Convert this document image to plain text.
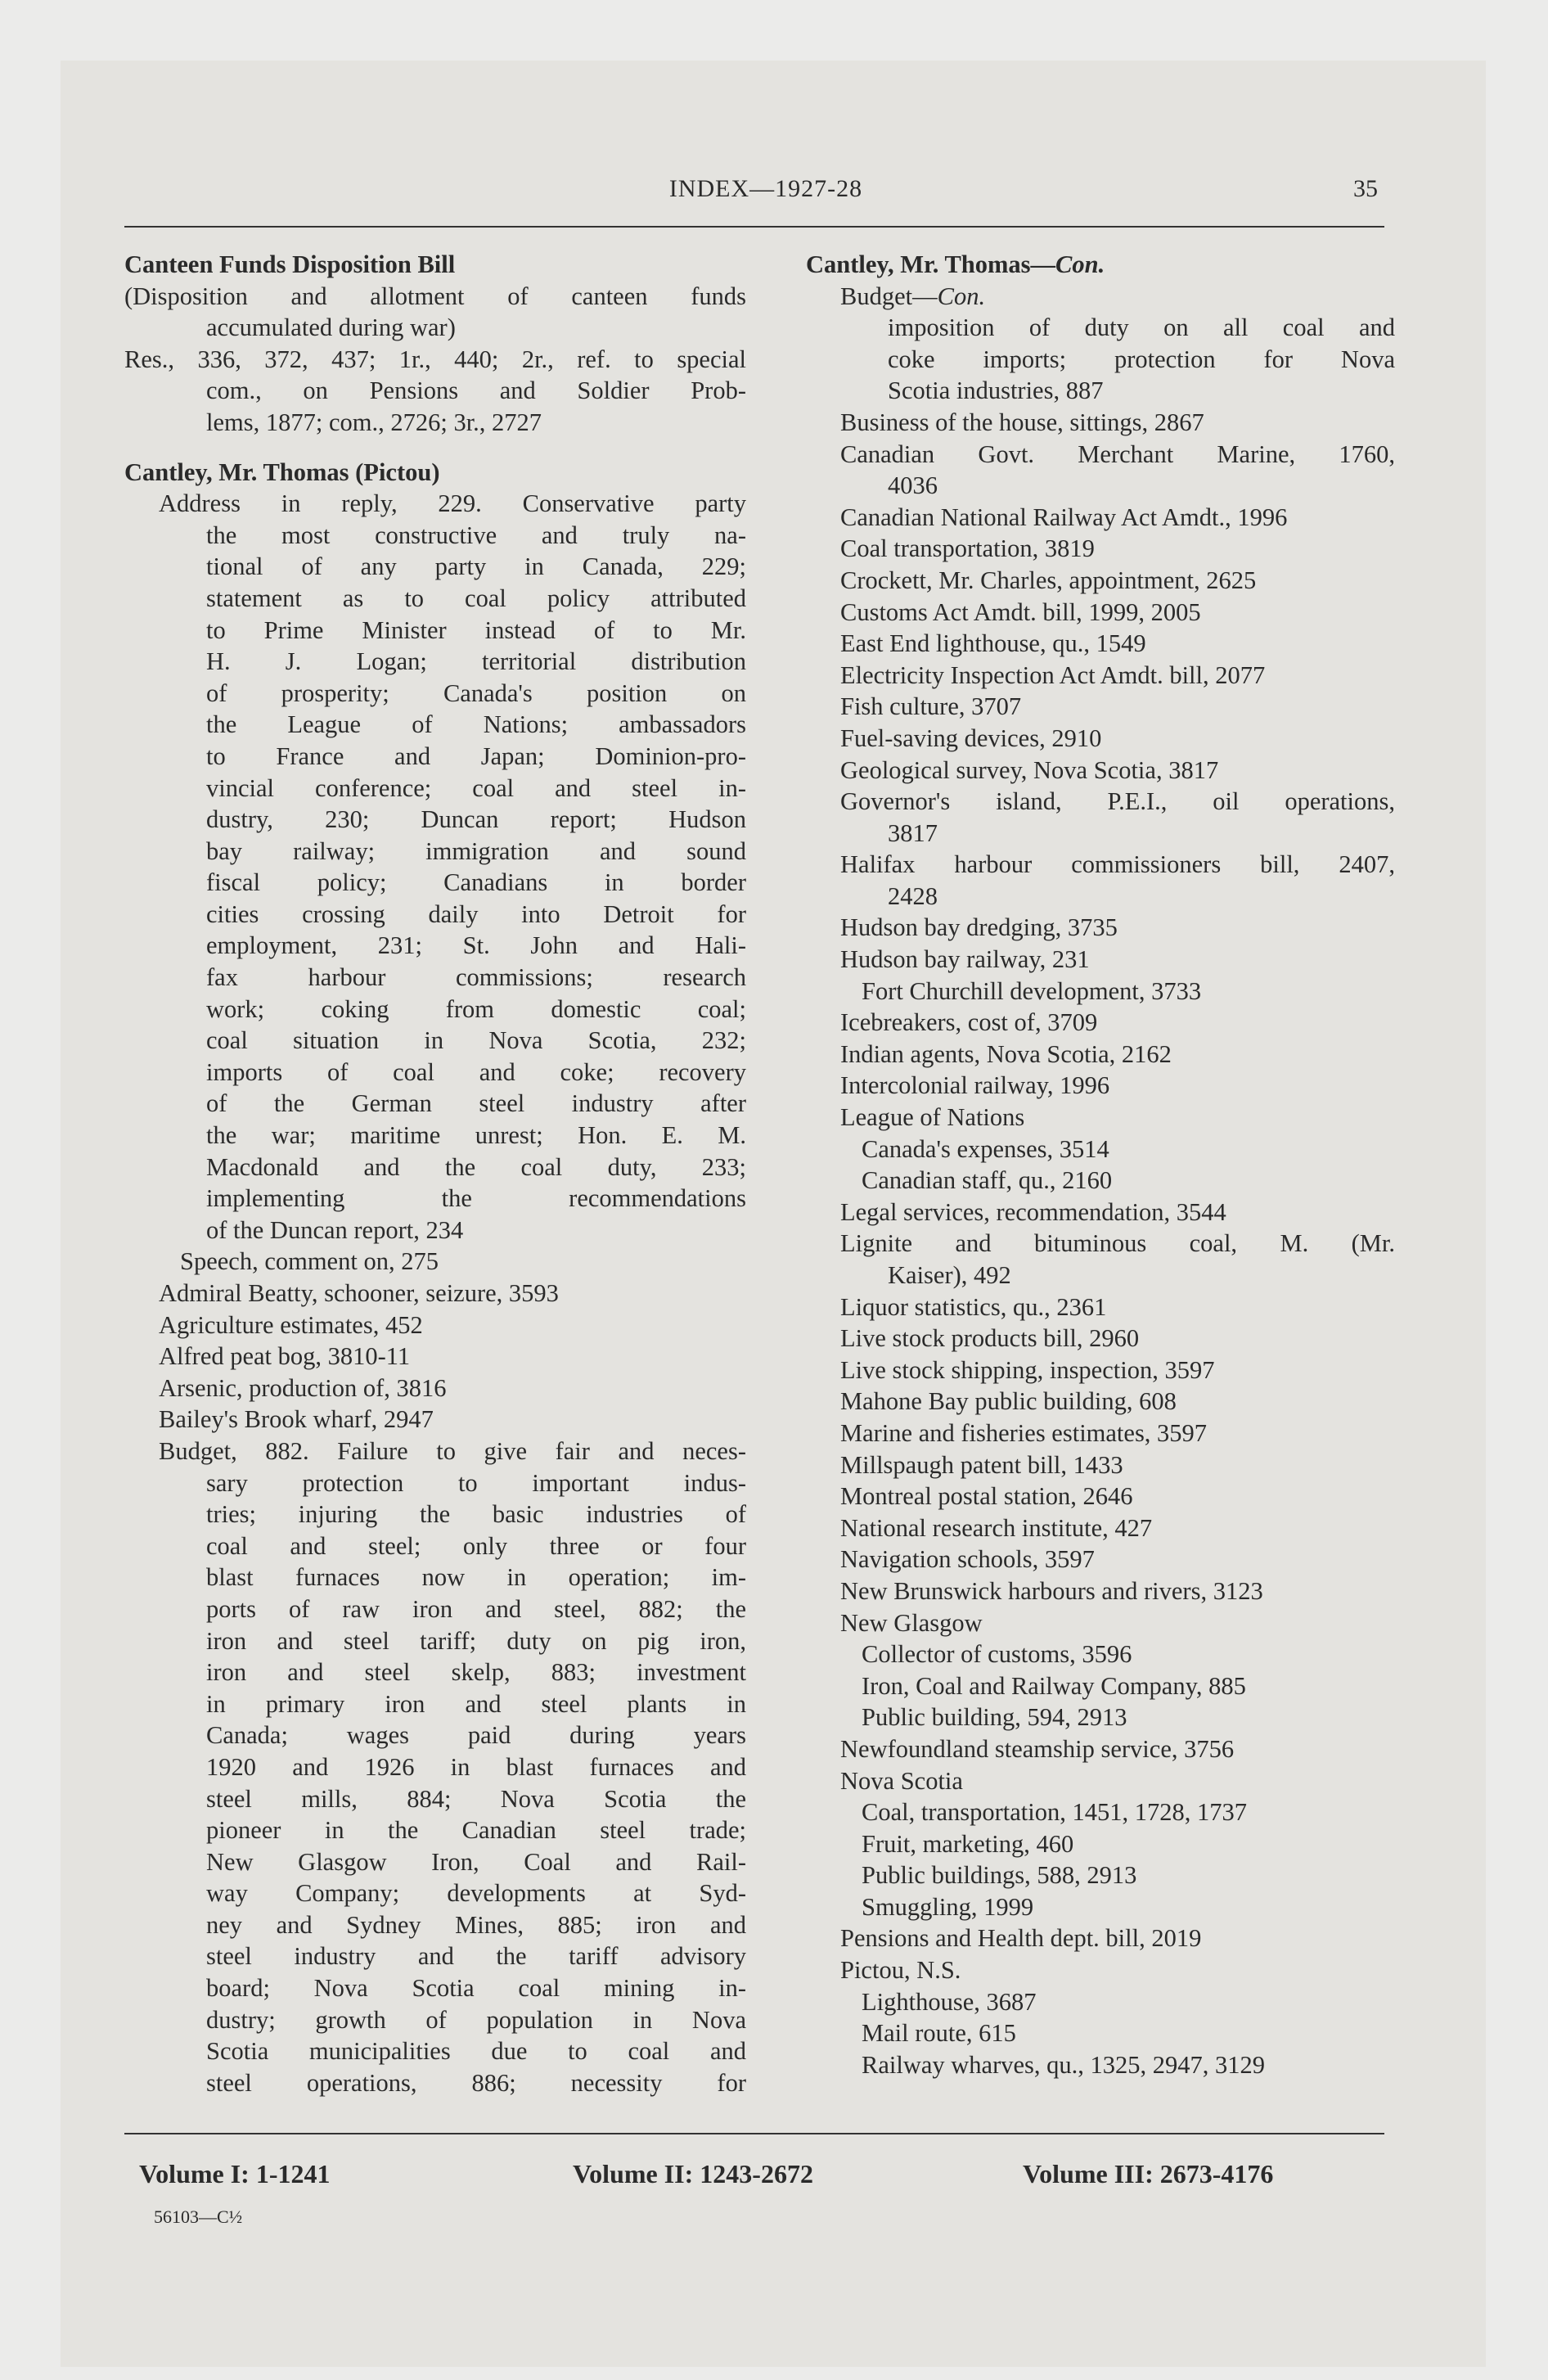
INDEX—1927-28	35
Canteen Funds Disposition Bill
(Disposition and allotment of canteen funds
accumulated during war)
Res., 336, 372, 437; 1r., 440; 2r., ref. to special
com., on Pensions and Soldier Prob-
lems, 1877; com., 2726; 3r., 2727
Cantley, Mr. Thomas (Pictou)
Address in reply, 229. Conservative party
the most constructive and truly na-
tional of any party in Canada, 229;
statement as to coal policy attributed
to Prime Minister instead of to Mr.
H. J. Logan; territorial distribution
of prosperity; Canada's position on
the League of Nations; ambassadors
to France and Japan; Dominion-pro-
vincial conference; coal and steel in-
dustry, 230; Duncan report; Hudson
bay railway; immigration and sound
fiscal policy; Canadians in border
cities crossing daily into Detroit for
employment, 231; St. John and Hali-
fax harbour commissions; research
work; coking from domestic coal;
coal situation in Nova Scotia, 232;
imports of coal and coke; recovery
of the German steel industry after
the war; maritime unrest; Hon. E. M.
Macdonald and the coal duty, 233;
implementing the recommendations
of the Duncan report, 234
Speech, comment on, 275
Admiral Beatty, schooner, seizure, 3593
Agriculture estimates, 452
Alfred peat bog, 3810-11
Arsenic, production of, 3816
Bailey's Brook wharf, 2947
Budget, 882. Failure to give fair and neces-
sary protection to important indus-
tries; injuring the basic industries of
coal and steel; only three or four
blast furnaces now in operation; im-
ports of raw iron and steel, 882; the
iron and steel tariff; duty on pig iron,
iron and steel skelp, 883; investment
in primary iron and steel plants in
Canada; wages paid during years
1920 and 1926 in blast furnaces and
steel mills, 884; Nova Scotia the
pioneer in the Canadian steel trade;
New Glasgow Iron, Coal and Rail-
way Company; developments at Syd-
ney and Sydney Mines, 885; iron and
steel industry and the tariff advisory
board; Nova Scotia coal mining in-
dustry; growth of population in Nova
Scotia municipalities due to coal and
steel operations, 886; necessity for
Cantley, Mr. Thomas—Con.
Budget—Con.
imposition of duty on all coal and
coke imports; protection for Nova
Scotia industries, 887
Business of the house, sittings, 2867
Canadian Govt. Merchant Marine, 1760,
4036
Canadian National Railway Act Amdt., 1996
Coal transportation, 3819
Crockett, Mr. Charles, appointment, 2625
Customs Act Amdt. bill, 1999, 2005
East End lighthouse, qu., 1549
Electricity Inspection Act Amdt. bill, 2077
Fish culture, 3707
Fuel-saving devices, 2910
Geological survey, Nova Scotia, 3817
Governor's island, P.E.I., oil operations,
3817
Halifax harbour commissioners bill, 2407,
2428
Hudson bay dredging, 3735
Hudson bay railway, 231
Fort Churchill development, 3733
Icebreakers, cost of, 3709
Indian agents, Nova Scotia, 2162
Intercolonial railway, 1996
League of Nations
Canada's expenses, 3514
Canadian staff, qu., 2160
Legal services, recommendation, 3544
Lignite and bituminous coal, M. (Mr.
Kaiser), 492
Liquor statistics, qu., 2361
Live stock products bill, 2960
Live stock shipping, inspection, 3597
Mahone Bay public building, 608
Marine and fisheries estimates, 3597
Millspaugh patent bill, 1433
Montreal postal station, 2646
National research institute, 427
Navigation schools, 3597
New Brunswick harbours and rivers, 3123
New Glasgow
Collector of customs, 3596
Iron, Coal and Railway Company, 885
Public building, 594, 2913
Newfoundland steamship service, 3756
Nova Scotia
Coal, transportation, 1451, 1728, 1737
Fruit, marketing, 460
Public buildings, 588, 2913
Smuggling, 1999
Pensions and Health dept. bill, 2019
Pictou, N.S.
Lighthouse, 3687
Mail route, 615
Railway wharves, qu., 1325, 2947, 3129
Volume I: 1-1241	Volume II: 1243-2672	Volume III: 2673-4176
56103—C½
